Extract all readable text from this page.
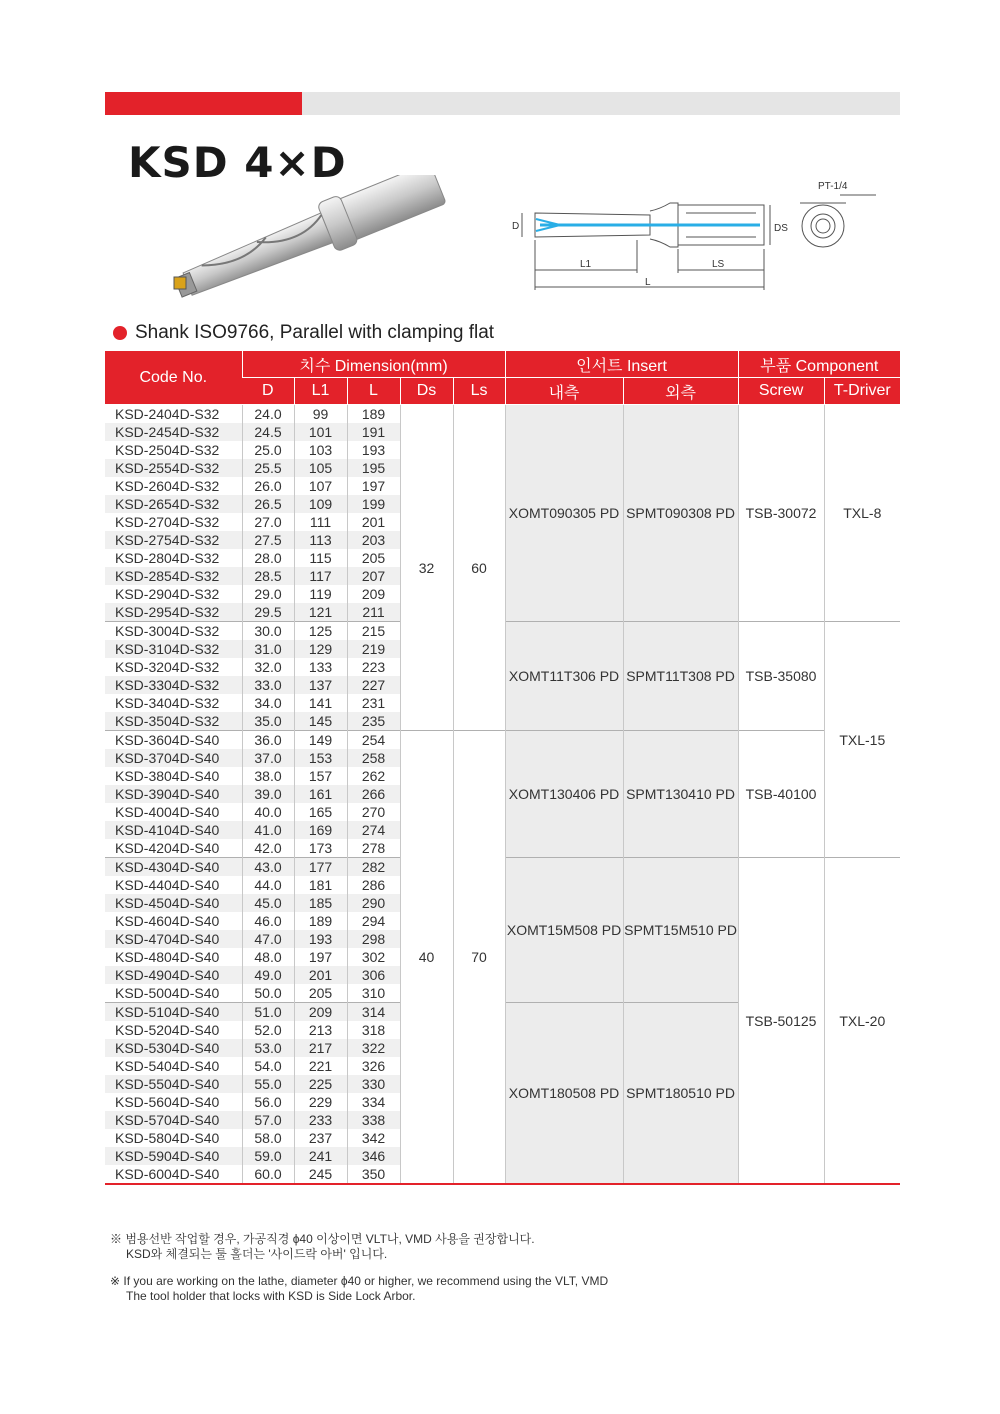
KSD 4×D	PT-1/4
D	DS
L1	LS
L
Shank ISO9766, Parallel with clamping flat
Code No.	치수 Dimension(mm)					인서트 Insert		부품 Component	
	D	L1	L	Ds	Ls	내측	외측	Screw	T-Driver
KSD-2404D-S32	24.0	99	189	32	60	XOMT090305 PD	SPMT090308 PD	TSB-30072	TXL-8
KSD-2454D-S32	24.5	101	191						
KSD-2504D-S32	25.0	103	193						
KSD-2554D-S32	25.5	105	195						
KSD-2604D-S32	26.0	107	197						
KSD-2654D-S32	26.5	109	199						
KSD-2704D-S32	27.0	111	201						
KSD-2754D-S32	27.5	113	203						
KSD-2804D-S32	28.0	115	205						
KSD-2854D-S32	28.5	117	207						
KSD-2904D-S32	29.0	119	209						
KSD-2954D-S32	29.5	121	211						
KSD-3004D-S32	30.0	125	215			XOMT11T306 PD	SPMT11T308 PD	TSB-35080	TXL-15
KSD-3104D-S32	31.0	129	219						
KSD-3204D-S32	32.0	133	223						
KSD-3304D-S32	33.0	137	227						
KSD-3404D-S32	34.0	141	231						
KSD-3504D-S32	35.0	145	235						
KSD-3604D-S40	36.0	149	254	40	70	XOMT130406 PD	SPMT130410 PD	TSB-40100	
KSD-3704D-S40	37.0	153	258						
KSD-3804D-S40	38.0	157	262						
KSD-3904D-S40	39.0	161	266						
KSD-4004D-S40	40.0	165	270						
KSD-4104D-S40	41.0	169	274						
KSD-4204D-S40	42.0	173	278						
KSD-4304D-S40	43.0	177	282			XOMT15M508 PD	SPMT15M510 PD	TSB-50125	TXL-20
KSD-4404D-S40	44.0	181	286						
KSD-4504D-S40	45.0	185	290						
KSD-4604D-S40	46.0	189	294						
KSD-4704D-S40	47.0	193	298						
KSD-4804D-S40	48.0	197	302						
KSD-4904D-S40	49.0	201	306						
KSD-5004D-S40	50.0	205	310						
KSD-5104D-S40	51.0	209	314			XOMT180508 PD	SPMT180510 PD		
KSD-5204D-S40	52.0	213	318						
KSD-5304D-S40	53.0	217	322						
KSD-5404D-S40	54.0	221	326						
KSD-5504D-S40	55.0	225	330						
KSD-5604D-S40	56.0	229	334						
KSD-5704D-S40	57.0	233	338						
KSD-5804D-S40	58.0	237	342						
KSD-5904D-S40	59.0	241	346						
KSD-6004D-S40	60.0	245	350						

※ 범용선반 작업할 경우, 가공직경 ϕ40 이상이면 VLT나, VMD 사용을 권장합니다.

KSD와 체결되는 툴 홀더는 '사이드락 아버' 입니다.

※ If you are working on the lathe, diameter ϕ40 or higher, we recommend using the VLT, VMD

The tool holder that locks with KSD is Side Lock Arbor.
